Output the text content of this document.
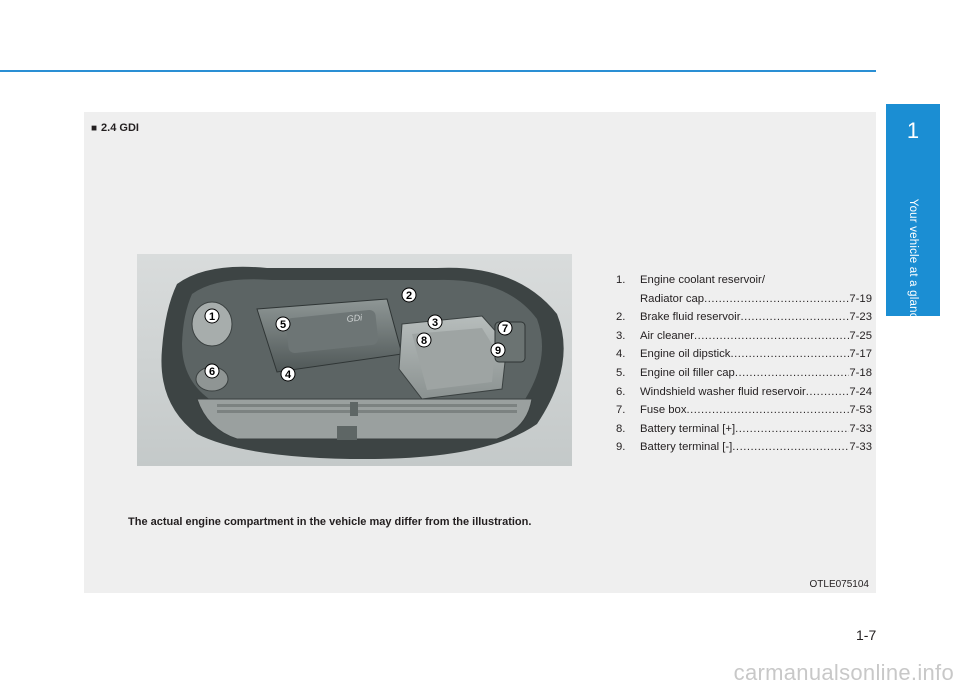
■ 2.4 GDI
GDi
1
2
3
4
5
6
7
8
9
1.	Engine coolant reservoir/
Radiator cap .....	7-19
2.	Brake fluid reservoir .....	7-23
3.	Air cleaner .....	7-25
4.	Engine oil dipstick .....	7-17
5.	Engine oil filler cap .....	7-18
6.	Windshield washer fluid reservoir .....	7-24
7.	Fuse box .....	7-53
8.	Battery terminal [+] .....	7-33
9.	Battery terminal [-] .....	7-33
The actual engine compartment in the vehicle may differ from the illustration.
OTLE075104
1
Your vehicle at a glance
1-7
carmanualsonline.info
